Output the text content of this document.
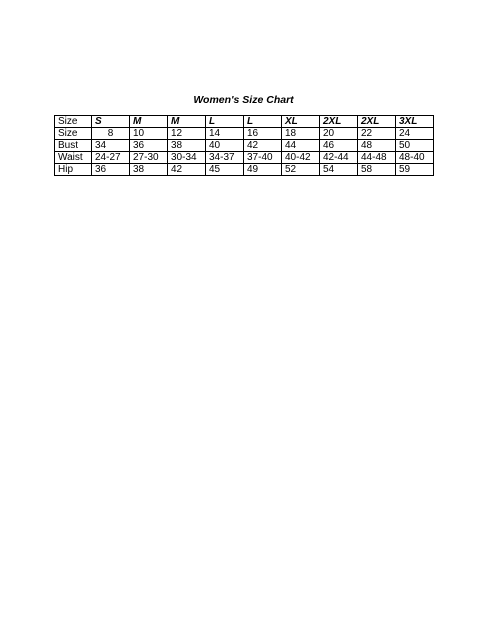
Women's Size Chart
Size	S	M	M	L	L	XL	2XL	2XL	3XL
Size	8	10	12	14	16	18	20	22	24
Bust	34	36	38	40	42	44	46	48	50
Waist	24-27	27-30	30-34	34-37	37-40	40-42	42-44	44-48	48-40
Hip	36	38	42	45	49	52	54	58	59
